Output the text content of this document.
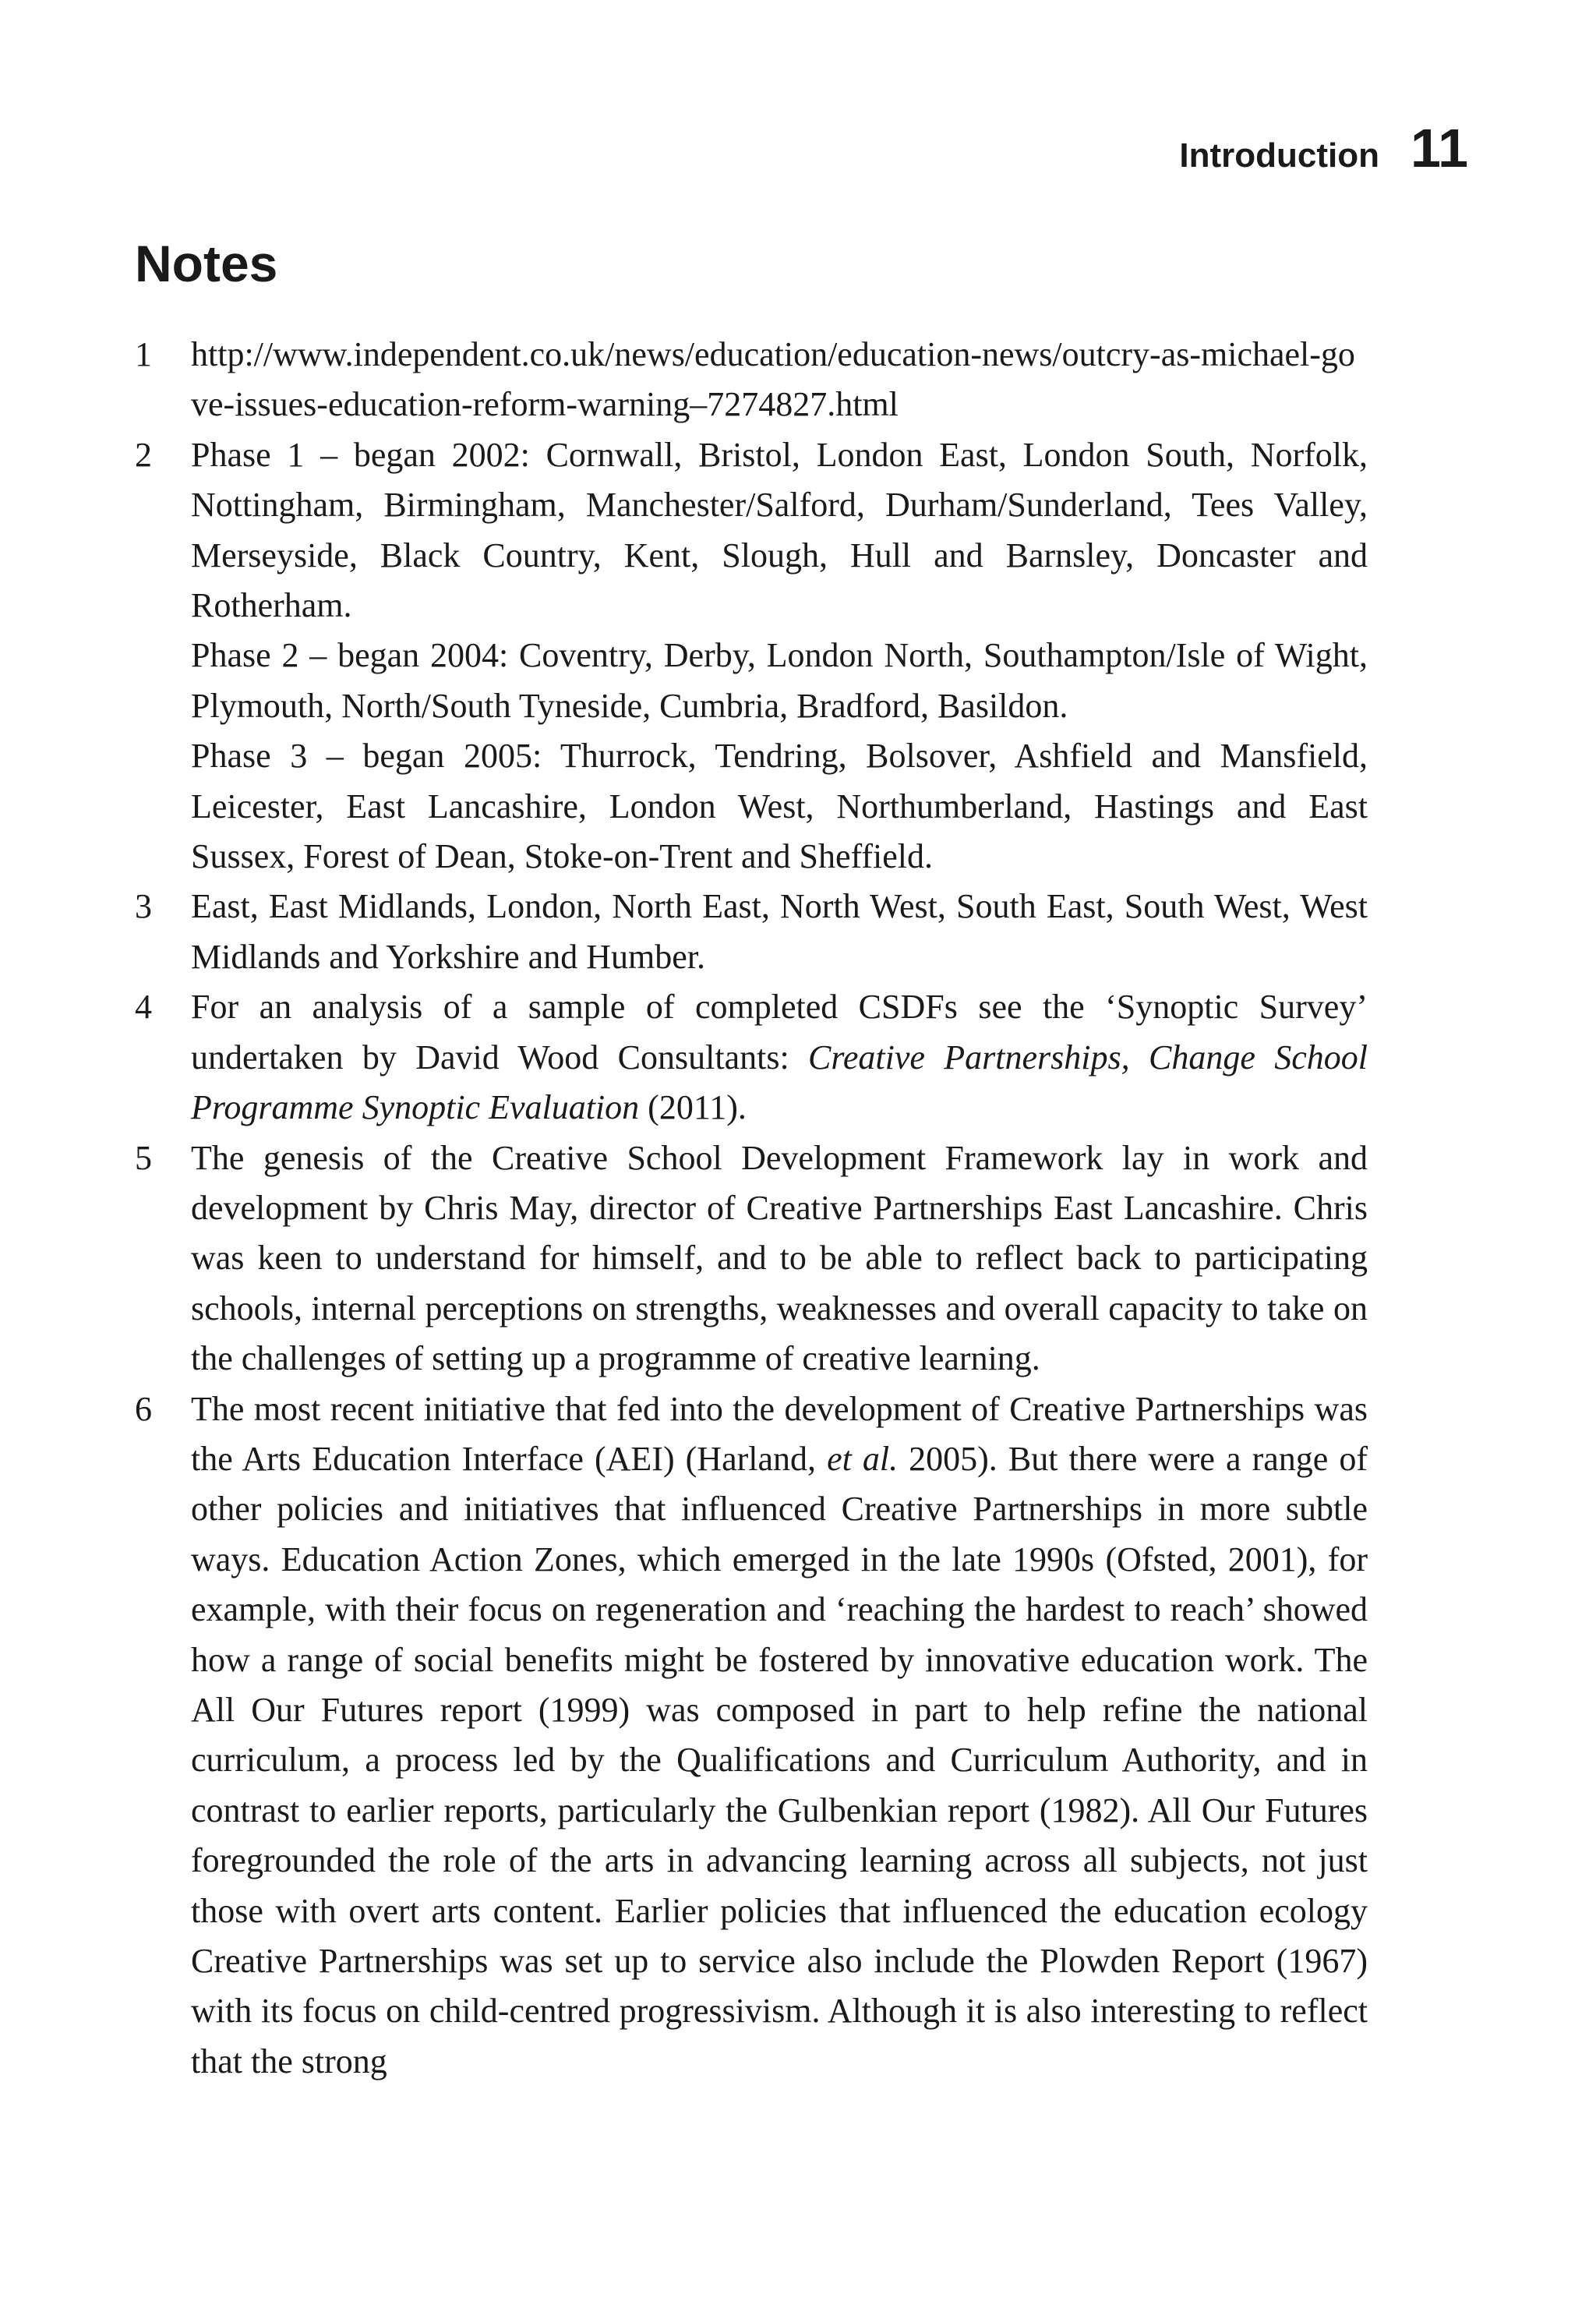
Introduction 11
Notes
1	http://www.independent.co.uk/news/education/education-news/outcry-as-michael-gove-issues-education-reform-warning–7274827.html

2	Phase 1 – began 2002: Cornwall, Bristol, London East, London South, Norfolk, Nottingham, Birmingham, Manchester/Salford, Durham/Sunderland, Tees Valley, Merseyside, Black Country, Kent, Slough, Hull and Barnsley, Doncaster and Rotherham.

Phase 2 – began 2004: Coventry, Derby, London North, Southampton/Isle of Wight, Plymouth, North/South Tyneside, Cumbria, Bradford, Basildon.

Phase 3 – began 2005: Thurrock, Tendring, Bolsover, Ashfield and Mansfield, Leicester, East Lancashire, London West, Northumberland, Hastings and East Sussex, Forest of Dean, Stoke-on-Trent and Sheffield.

3	East, East Midlands, London, North East, North West, South East, South West, West Midlands and Yorkshire and Humber.

4	For an analysis of a sample of completed CSDFs see the ‘Synoptic Survey’ undertaken by David Wood Consultants: Creative Partnerships, Change School Programme Synoptic Evaluation (2011).

5	The genesis of the Creative School Development Framework lay in work and development by Chris May, director of Creative Partnerships East Lancashire. Chris was keen to understand for himself, and to be able to reflect back to participating schools, internal perceptions on strengths, weaknesses and overall capacity to take on the challenges of setting up a programme of creative learning.

6	The most recent initiative that fed into the development of Creative Partnerships was the Arts Education Interface (AEI) (Harland, et al. 2005). But there were a range of other policies and initiatives that influenced Creative Partnerships in more subtle ways. Education Action Zones, which emerged in the late 1990s (Ofsted, 2001), for example, with their focus on regeneration and ‘reaching the hardest to reach’ showed how a range of social benefits might be fostered by innovative education work. The All Our Futures report (1999) was composed in part to help refine the national curriculum, a process led by the Qualifications and Curriculum Authority, and in contrast to earlier reports, particularly the Gulbenkian report (1982). All Our Futures foregrounded the role of the arts in advancing learning across all subjects, not just those with overt arts content. Earlier policies that influenced the education ecology Creative Partnerships was set up to service also include the Plowden Report (1967) with its focus on child-centred progressivism. Although it is also interesting to reflect that the strong
